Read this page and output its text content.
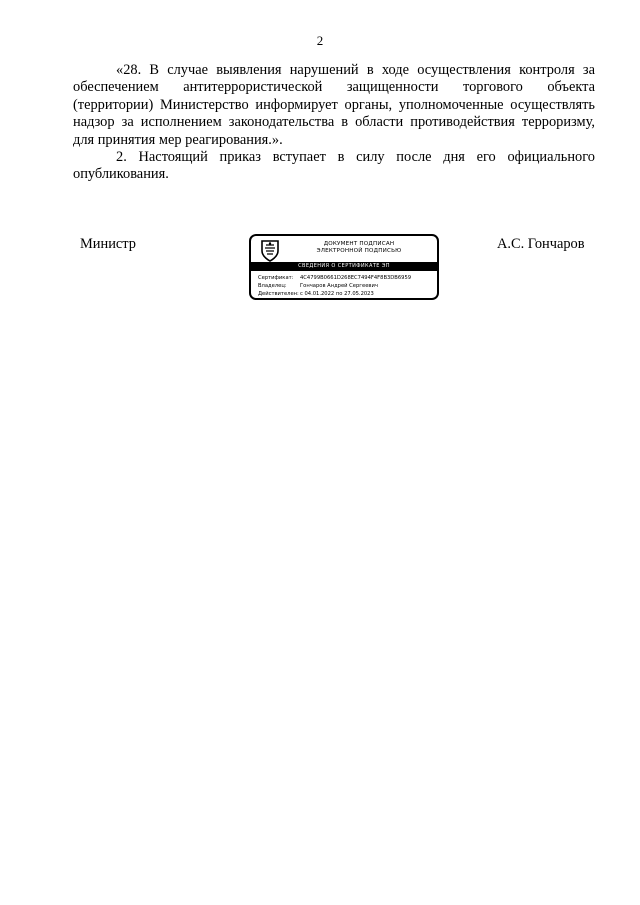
2

«28. В случае выявления нарушений в ходе осуществления контроля за обеспечением антитеррористической защищенности торгового объекта (территории) Министерство информирует органы, уполномоченные осуществлять надзор за исполнением законодательства в области противодействия терроризму, для принятия мер реагирования.».

2. Настоящий приказ вступает в силу после дня его официального опубликования.

Министр	ДОКУМЕНТ ПОДПИСАН
ЭЛЕКТРОННОЙ ПОДПИСЬЮ
СВЕДЕНИЯ О СЕРТИФИКАТЕ ЭП
Сертификат: 4C4799B0661D268EC7494F4F8B3DB6959
Владелец:	Гончаров Андрей Сергеевич
Действителен:с 04.01.2022 по 27.05.2023
А.С. Гончаров
